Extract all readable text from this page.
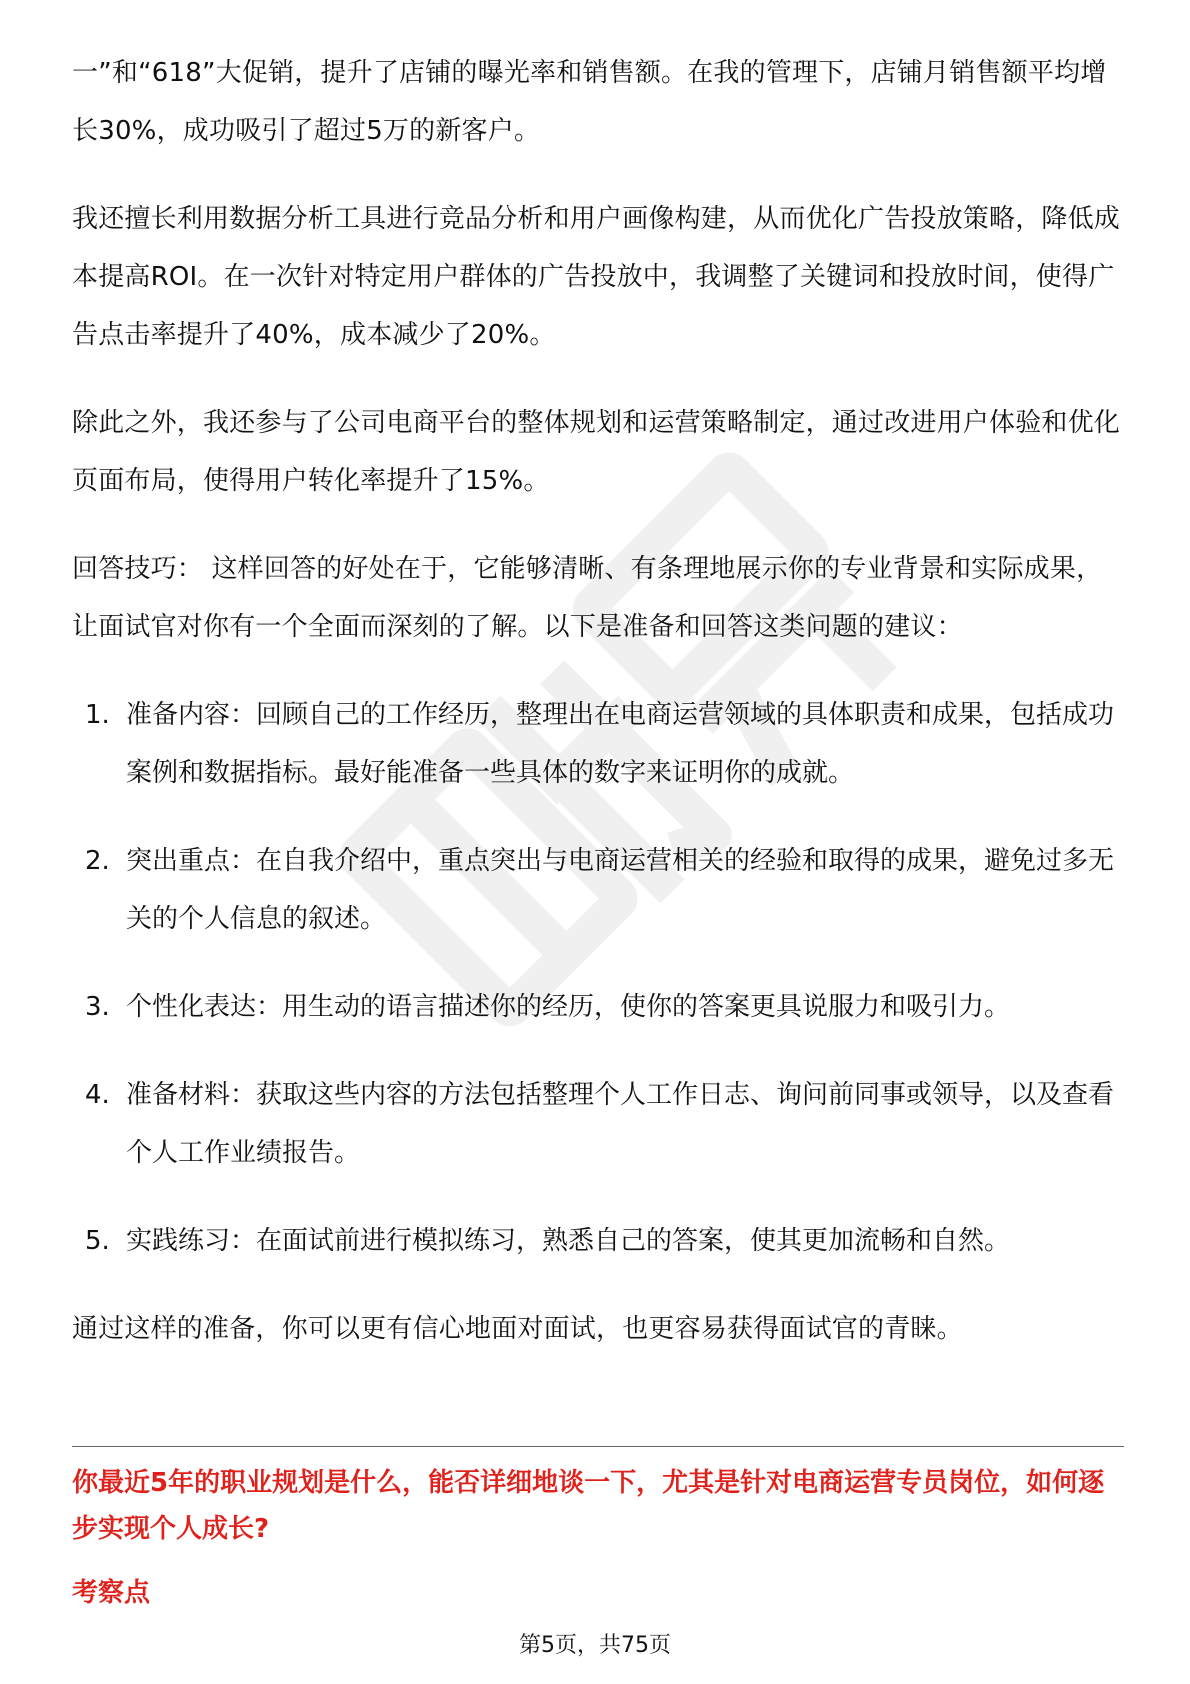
一”和“618”大促销，提升了店铺的曝光率和销售额。在我的管理下，店铺月销售额平均增长30%，成功吸引了超过5万的新客户。

我还擅长利用数据分析工具进行竞品分析和用户画像构建，从而优化广告投放策略，降低成本提高ROI。在一次针对特定用户群体的广告投放中，我调整了关键词和投放时间，使得广告点击率提升了40%，成本减少了20%。

除此之外，我还参与了公司电商平台的整体规划和运营策略制定，通过改进用户体验和优化页面布局，使得用户转化率提升了15%。

回答技巧： 这样回答的好处在于，它能够清晰、有条理地展示你的专业背景和实际成果，让面试官对你有一个全面而深刻的了解。以下是准备和回答这类问题的建议：

1. 准备内容：回顾自己的工作经历，整理出在电商运营领域的具体职责和成果，包括成功案例和数据指标。最好能准备一些具体的数字来证明你的成就。
2. 突出重点：在自我介绍中，重点突出与电商运营相关的经验和取得的成果，避免过多无关的个人信息的叙述。
3. 个性化表达：用生动的语言描述你的经历，使你的答案更具说服力和吸引力。
4. 准备材料：获取这些内容的方法包括整理个人工作日志、询问前同事或领导，以及查看个人工作业绩报告。
5. 实践练习：在面试前进行模拟练习，熟悉自己的答案，使其更加流畅和自然。

通过这样的准备，你可以更有信心地面对面试，也更容易获得面试官的青睐。

你最近5年的职业规划是什么，能否详细地谈一下，尤其是针对电商运营专员岗位，如何逐步实现个人成长?
考察点
第5页，共75页
